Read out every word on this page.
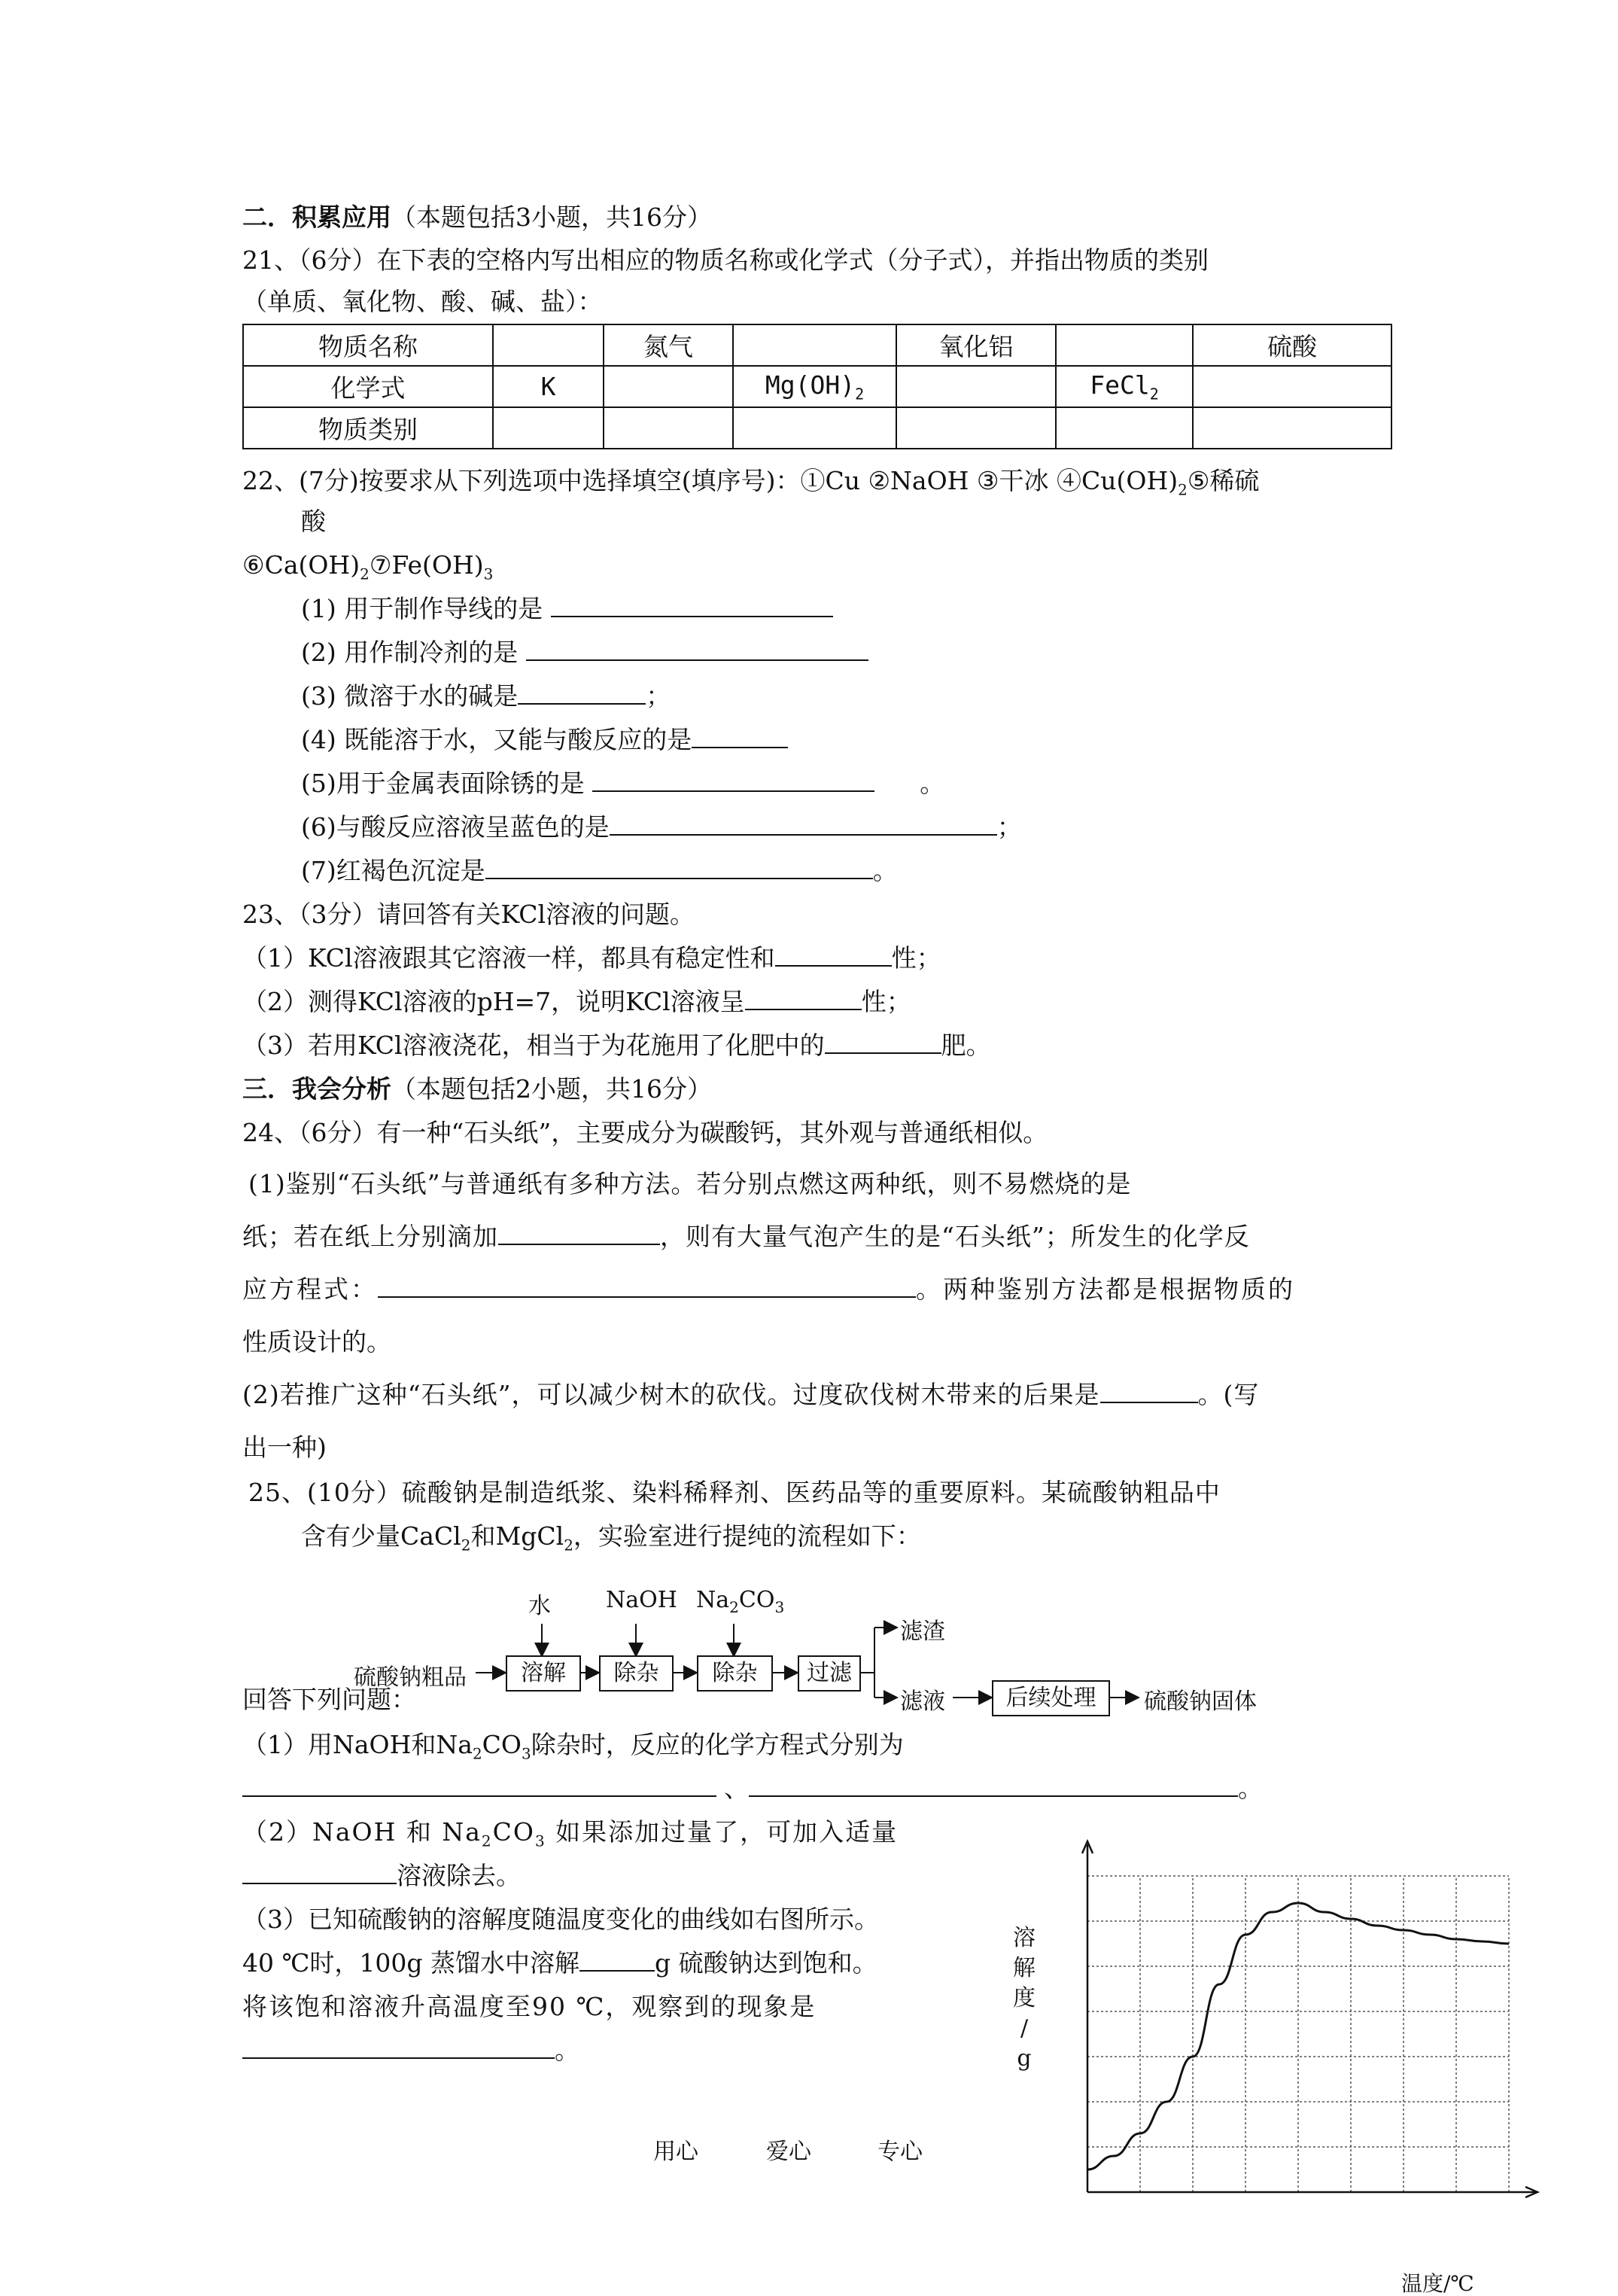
二．积累应用（本题包括3小题，共16分）
21、（6分）在下表的空格内写出相应的物质名称或化学式（分子式），并指出物质的类别
（单质、氧化物、酸、碱、盐）：
物质名称		氮气		氧化铝		硫酸
化学式	K		$Mg(OH)_2$		FeCl$_2$	
物质类别						
22、(7分)按要求从下列选项中选择填空(填序号)：①Cu ②NaOH ③干冰 $④Cu(OH)_2⑤$稀硫
酸
$⑥Ca(OH)_2⑦Fe(OH)_3$
(1) 用于制作导线的是
(2) 用作制冷剂的是
(3) 微溶于水的碱是	；
(4) 既能溶于水，又能与酸反应的是
(5)用于金属表面除锈的是	。
(6)与酸反应溶液呈蓝色的是	；
(7)红褐色沉淀是	。
23、（3分）请回答有关KCl溶液的问题。
（1）KCl溶液跟其它溶液一样，都具有稳定性和	性；
（2）测得KCl溶液的pH=7，说明KCl溶液呈	性；
（3）若用KCl溶液浇花，相当于为花施用了化肥中的	肥。
三．我会分析（本题包括2小题，共16分）
24、（6分）有一种“石头纸”，主要成分为碳酸钙，其外观与普通纸相似。
(1)鉴别“石头纸”与普通纸有多种方法。若分别点燃这两种纸，则不易燃烧的是
纸；若在纸上分别滴加	，则有大量气泡产生的是“石头纸”；所发生的化学反
应方程式：	。两种鉴别方法都是根据物质的
性质设计的。
(2)若推广这种“石头纸”，可以减少树木的砍伐。过度砍伐树木带来的后果是	。(写
出一种)
25、(10分）硫酸钠是制造纸浆、染料稀释剂、医药品等的重要原料。某硫酸钠粗品中
含有少量CaCl$_2$和MgCl$_2$，实验室进行提纯的流程如下：
水 NaOH $Na_2CO_3$
硫酸钠粗品	溶解	除杂	除杂	过滤
滤渣
滤液	后续处理	硫酸钠固体
回答下列问题：
（1）用NaOH和$Na_2CO_3$除杂时，反应的化学方程式分别为
、	。
（2）NaOH 和 $Na_2CO_3$ 如果添加过量了，可加入适量
溶液除去。
（3）已知硫酸钠的溶解度随温度变化的曲线如右图所示。
40 ℃时，100g 蒸馏水中溶解	g 硫酸钠达到饱和。
将该饱和溶液升高温度至90 ℃，观察到的现象是
。
溶
解
度
/
g
温度/℃
用心	爱心	专心
